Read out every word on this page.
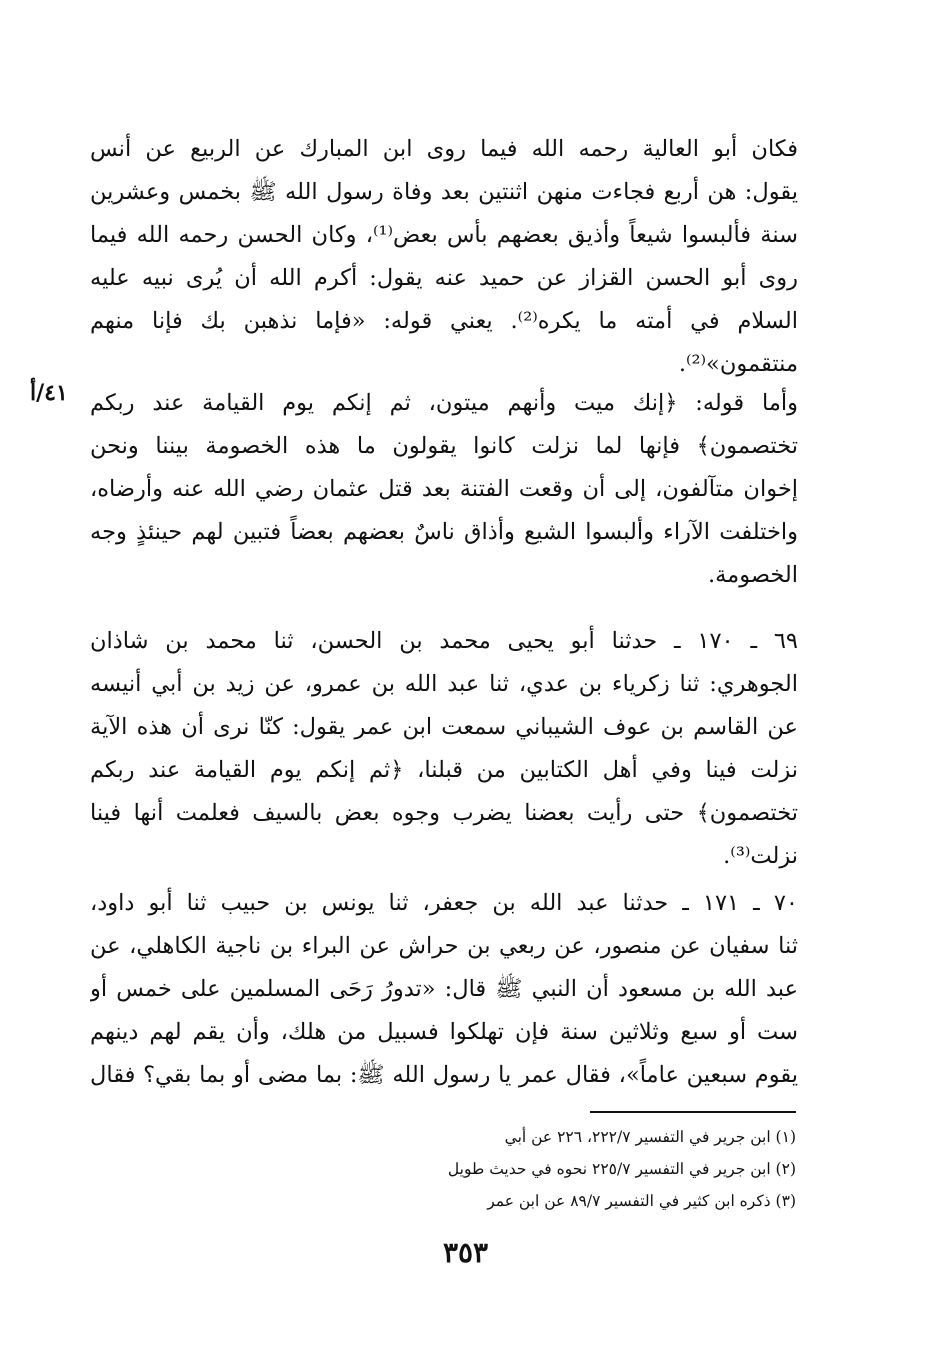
٤١/أ
فكان أبو العالية رحمه الله فيما روى ابن المبارك عن الربيع عن أنس
يقول: هن أربع فجاءت منهن اثنتين بعد وفاة رسول الله ﷺ بخمس وعشرين
سنة فألبسوا شيعاً وأذيق بعضهم بأس بعض⁽¹⁾، وكان الحسن رحمه الله فيما
روى أبو الحسن القزاز عن حميد عنه يقول: أكرم الله أن يُرى نبيه عليه
السلام في أمته ما يكره⁽²⁾. يعني قوله: «فإما نذهبن بك فإنا منهم
منتقمون»⁽²⁾.
وأما قوله: ﴿إنك ميت وأنهم ميتون، ثم إنكم يوم القيامة عند ربكم
تختصمون﴾ فإنها لما نزلت كانوا يقولون ما هذه الخصومة بيننا ونحن
إخوان متآلفون، إلى أن وقعت الفتنة بعد قتل عثمان رضي الله عنه وأرضاه،
واختلفت الآراء وألبسوا الشيع وأذاق ناسٌ بعضهم بعضاً فتبين لهم حينئذٍ وجه
الخصومة.
٦٩ ـ ١٧٠ ـ حدثنا أبو يحيى محمد بن الحسن، ثنا محمد بن شاذان
الجوهري: ثنا زكرياء بن عدي، ثنا عبد الله بن عمرو، عن زيد بن أبي أنيسه
عن القاسم بن عوف الشيباني سمعت ابن عمر يقول: كنّا نرى أن هذه الآية
نزلت فينا وفي أهل الكتابين من قبلنا، ﴿ثم إنكم يوم القيامة عند ربكم
تختصمون﴾ حتى رأيت بعضنا يضرب وجوه بعض بالسيف فعلمت أنها فينا
نزلت⁽³⁾.
٧٠ ـ ١٧١ ـ حدثنا عبد الله بن جعفر، ثنا يونس بن حبيب ثنا أبو داود،
ثنا سفيان عن منصور، عن ربعي بن حراش عن البراء بن ناجية الكاهلي، عن
عبد الله بن مسعود أن النبي ﷺ قال: «تدورُ رَحَى المسلمين على خمس أو
ست أو سبع وثلاثين سنة فإن تهلكوا فسبيل من هلك، وأن يقم لهم دينهم
يقوم سبعين عاماً»، فقال عمر يا رسول الله ﷺ: بما مضى أو بما بقي؟ فقال
(١) ابن جرير في التفسير ٢٢٢/٧، ٢٢٦ عن أبي
(٢) ابن جرير في التفسير ٢٢٥/٧ نحوه في حديث طويل
(٣) ذكره ابن كثير في التفسير ٨٩/٧ عن ابن عمر
٣٥٣
